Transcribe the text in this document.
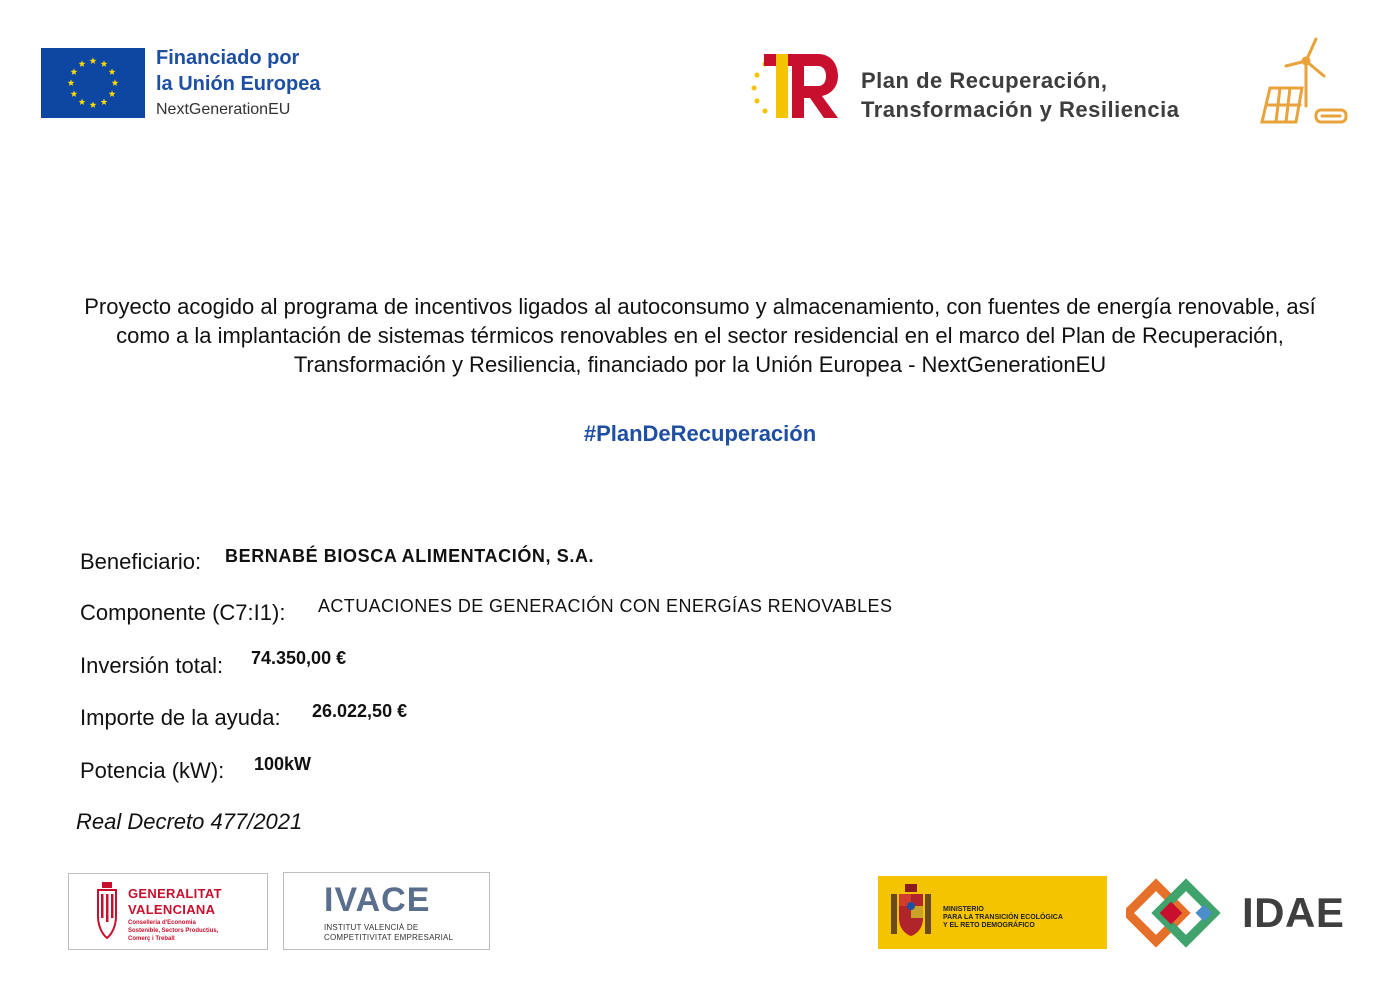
Financiado por
la Unión Europea
NextGenerationEU
Plan de Recuperación,
Transformación y Resiliencia
Proyecto acogido al programa de incentivos ligados al autoconsumo y almacenamiento, con fuentes de energía renovable, así como a la implantación de sistemas térmicos renovables en el sector residencial en el marco del Plan de Recuperación, Transformación y Resiliencia, financiado por la Unión Europea - NextGenerationEU
#PlanDeRecuperación
Beneficiario: BERNABÉ BIOSCA ALIMENTACIÓN, S.A.
Componente (C7:I1): ACTUACIONES DE GENERACIÓN CON ENERGÍAS RENOVABLES
Inversión total: 74.350,00 €
Importe de la ayuda: 26.022,50 €
Potencia (kW): 100kW
Real Decreto 477/2021
GENERALITAT
VALENCIANA
Conselleria d'Economia
Sostenible, Sectors Productius,
Comerç i Treball
IVACE
INSTITUT VALENCIÀ DE
COMPETITIVITAT EMPRESARIAL
MINISTERIO
PARA LA TRANSICIÓN ECOLÓGICA
Y EL RETO DEMOGRÁFICO	IDAE
